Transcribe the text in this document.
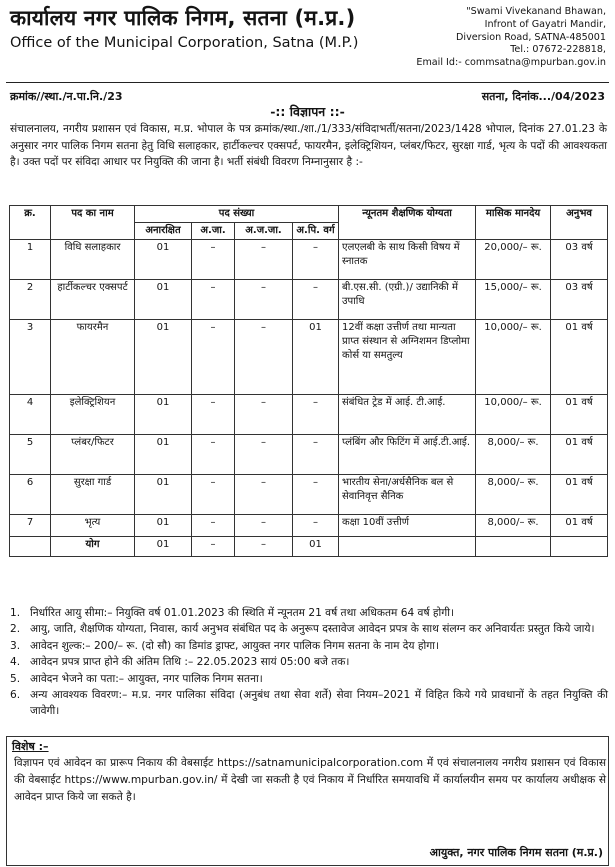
कार्यालय नगर पालिक निगम, सतना (म.प्र.)
Office of the Municipal Corporation, Satna (M.P.)
"Swami Vivekanand Bhawan,
Infront of Gayatri Mandir,
Diversion Road, SATNA-485001
Tel.: 07672-228818,
Email Id:- commsatna@mpurban.gov.in
क्रमांक//स्था./न.पा.नि./23	सतना, दिनांक.../04/2023
-:: विज्ञापन ::-
संचालनालय, नगरीय प्रशासन एवं विकास, म.प्र. भोपाल के पत्र क्रमांक/स्था./शा./1/333/संविदाभर्ती/सतना/2023/1428 भोपाल, दिनांक 27.01.23 के अनुसार नगर पालिक निगम सतना हेतु विधि सलाहकार, हार्टीकल्चर एक्सपर्ट, फायरमैन, इलेक्ट्रिशियन, प्लंबर/फिटर, सुरक्षा गार्ड, भृत्य के पदों की आवश्यकता है। उक्त पदों पर संविदा आधार पर नियुक्ति की जाना है। भर्ती संबंधी विवरण निम्नानुसार है :-
क्र.	पद का नाम	पद संख्या				न्यूनतम शैक्षणिक योग्यता	मासिक मानदेय	अनुभव
		अनारक्षित	अ.जा.	अ.ज.जा.	अ.पि. वर्ग			
1	विधि सलाहकार	01	–	–	–	एलएलबी के साथ किसी विषय में स्नातक	20,000/– रू.	03 वर्ष
2	हार्टीकल्चर एक्सपर्ट	01	–	–	–	बी.एस.सी. (एग्री.)/ उद्यानिकी में उपाधि	15,000/– रू.	03 वर्ष
3	फायरमैन	01	–	–	01	12वीं कक्षा उत्तीर्ण तथा मान्यता प्राप्त संस्थान से अग्निशमन डिप्लोमा कोर्स या समतुल्य	10,000/– रू.	01 वर्ष
4	इलेक्ट्रिशियन	01	–	–	–	संबंधित ट्रेड में आई. टी.आई.	10,000/– रू.	01 वर्ष
5	प्लंबर/फिटर	01	–	–	–	प्लंबिंग और फिटिंग में आई.टी.आई.	8,000/– रू.	01 वर्ष
6	सुरक्षा गार्ड	01	–	–	–	भारतीय सेना/अर्धसैनिक बल से सेवानिवृत्त सैनिक	8,000/– रू.	01 वर्ष
7	भृत्य	01	–	–	–	कक्षा 10वीं उत्तीर्ण	8,000/– रू.	01 वर्ष
	योग	01	–	–	01			
1. निर्धारित आयु सीमा:– नियुक्ति वर्ष 01.01.2023 की स्थिति में न्यूनतम 21 वर्ष तथा अधिकतम 64 वर्ष होगी।
2. आयु, जाति, शैक्षणिक योग्यता, निवास, कार्य अनुभव संबंधित पद के अनुरूप दस्तावेज आवेदन प्रपत्र के साथ संलग्न कर अनिवार्यतः प्रस्तुत किये जाये।
3. आवेदन शुल्क:– 200/– रू. (दो सौ) का डिमांड ड्राफ्ट, आयुक्त नगर पालिक निगम सतना के नाम देय होगा।
4. आवेदन प्रपत्र प्राप्त होने की अंतिम तिथि :– 22.05.2023 सायं 05:00 बजे तक।
5. आवेदन भेजने का पता:– आयुक्त, नगर पालिक निगम सतना।
6. अन्य आवश्यक विवरण:– म.प्र. नगर पालिका संविदा (अनुबंध तथा सेवा शर्ते) सेवा नियम–2021 में विहित किये गये प्रावधानों के तहत नियुक्ति की जावेगी।
विशेष :–
विज्ञापन एवं आवेदन का प्रारूप निकाय की वेबसाईट https://satnamunicipalcorporation.com में एवं संचालनालय नगरीय प्रशासन एवं विकास की वेबसाईट https://www.mpurban.gov.in/ में देखी जा सकती है एवं निकाय में निर्धारित समयावधि में कार्यालयीन समय पर कार्यालय अधीक्षक से आवेदन प्राप्त किये जा सकते है।
आयुक्त, नगर पालिक निगम सतना (म.प्र.)
